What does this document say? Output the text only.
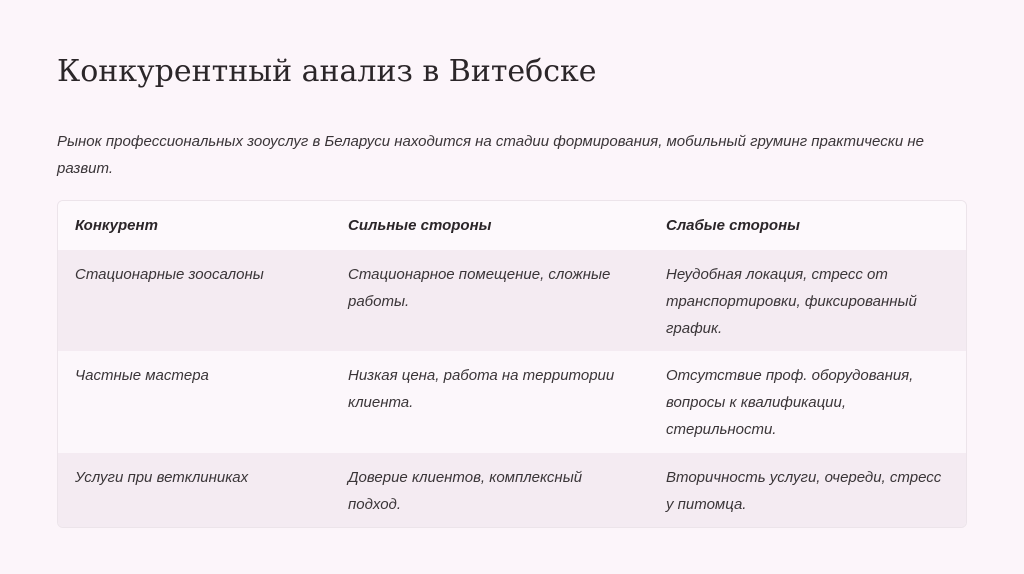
Конкурентный анализ в Витебске

Рынок профессиональных зооуслуг в Беларуси находится на стадии формирования, мобильный груминг практически не развит.

Конкурент	Сильные стороны	Слабые стороны
Стационарные зоосалоны	Стационарное помещение, сложные работы.	Неудобная локация, стресс от транспортировки, фиксированный график.
Частные мастера	Низкая цена, работа на территории клиента.	Отсутствие проф. оборудования, вопросы к квалификации, стерильности.
Услуги при ветклиниках	Доверие клиентов, комплексный подход.	Вторичность услуги, очереди, стресс у питомца.
